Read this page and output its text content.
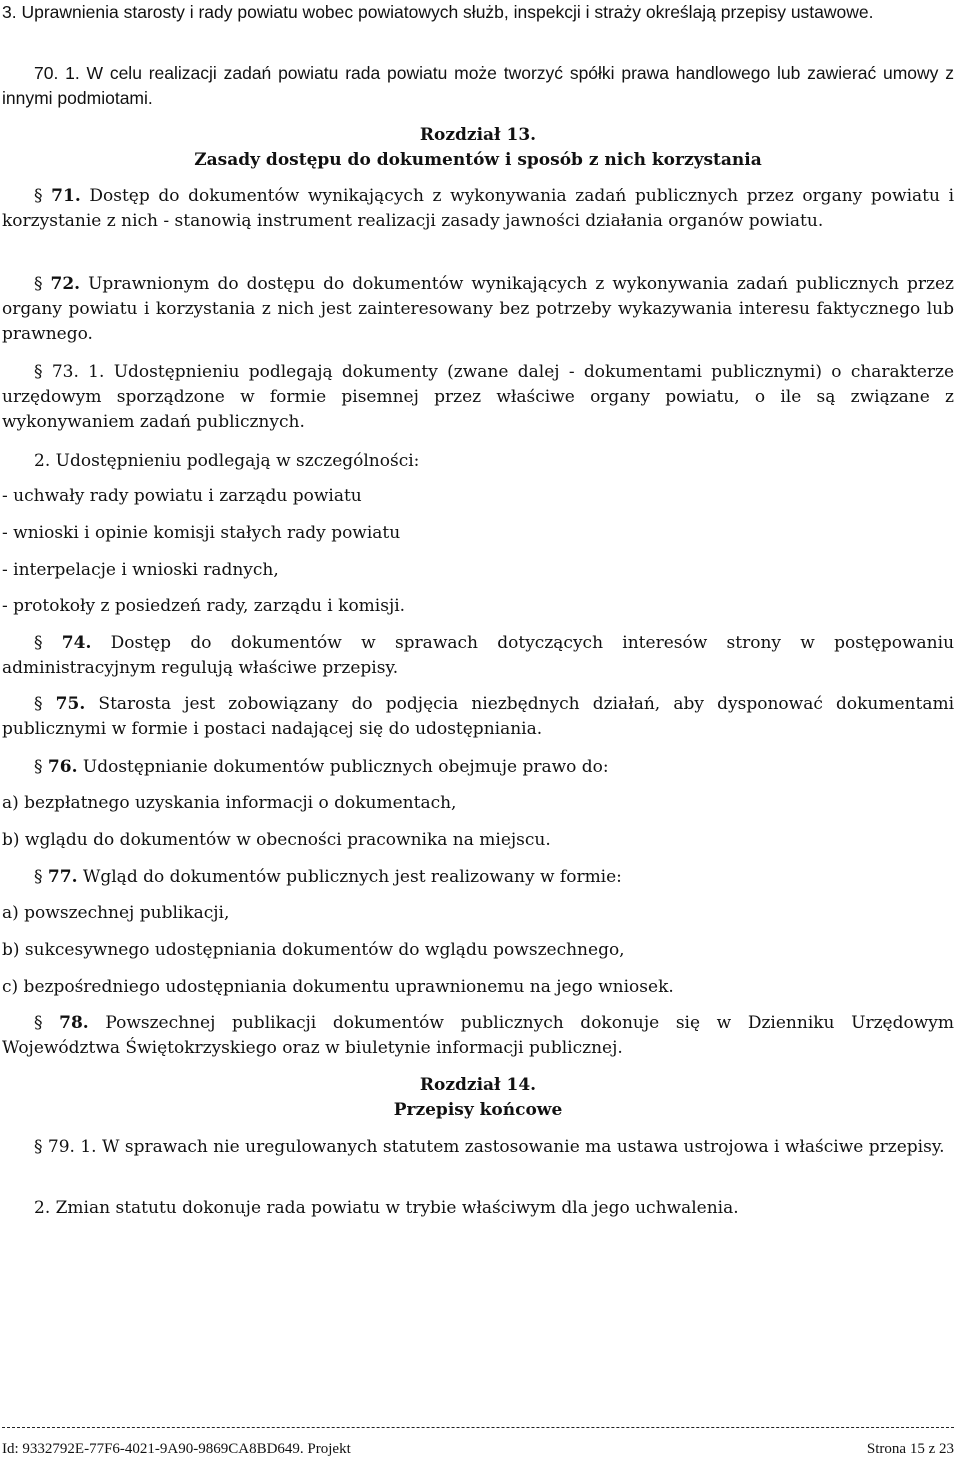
3. Uprawnienia starosty i rady powiatu wobec powiatowych służb, inspekcji i straży określają przepisy ustawowe.
70. 1. W celu realizacji zadań powiatu rada powiatu może tworzyć spółki prawa handlowego lub zawierać umowy z innymi podmiotami.
Rozdział 13.
Zasady dostępu do dokumentów i sposób z nich korzystania
§ 71. Dostęp do dokumentów wynikających z wykonywania zadań publicznych przez organy powiatu i korzystanie z nich - stanowią instrument realizacji zasady jawności działania organów powiatu.
§ 72. Uprawnionym do dostępu do dokumentów wynikających z wykonywania zadań publicznych przez organy powiatu i korzystania z nich jest zainteresowany bez potrzeby wykazywania interesu faktycznego lub prawnego.
§ 73. 1. Udostępnieniu podlegają dokumenty (zwane dalej - dokumentami publicznymi) o charakterze urzędowym sporządzone w formie pisemnej przez właściwe organy powiatu, o ile są związane z wykonywaniem zadań publicznych.
2. Udostępnieniu podlegają w szczególności:
- uchwały rady powiatu i zarządu powiatu
- wnioski i opinie komisji stałych rady powiatu
- interpelacje i wnioski radnych,
- protokoły z posiedzeń rady, zarządu i komisji.
§ 74. Dostęp do dokumentów w sprawach dotyczących interesów strony w postępowaniu administracyjnym regulują właściwe przepisy.
§ 75. Starosta jest zobowiązany do podjęcia niezbędnych działań, aby dysponować dokumentami publicznymi w formie i postaci nadającej się do udostępniania.
§ 76. Udostępnianie dokumentów publicznych obejmuje prawo do:
a) bezpłatnego uzyskania informacji o dokumentach,
b) wglądu do dokumentów w obecności pracownika na miejscu.
§ 77. Wgląd do dokumentów publicznych jest realizowany w formie:
a) powszechnej publikacji,
b) sukcesywnego udostępniania dokumentów do wglądu powszechnego,
c) bezpośredniego udostępniania dokumentu uprawnionemu na jego wniosek.
§ 78. Powszechnej publikacji dokumentów publicznych dokonuje się w Dzienniku Urzędowym Województwa Świętokrzyskiego oraz w biuletynie informacji publicznej.
Rozdział 14.
Przepisy końcowe
§ 79. 1. W sprawach nie uregulowanych statutem zastosowanie ma ustawa ustrojowa i właściwe przepisy.
2. Zmian statutu dokonuje rada powiatu w trybie właściwym dla jego uchwalenia.
Id: 9332792E-77F6-4021-9A90-9869CA8BD649. Projekt	Strona 15 z 23
